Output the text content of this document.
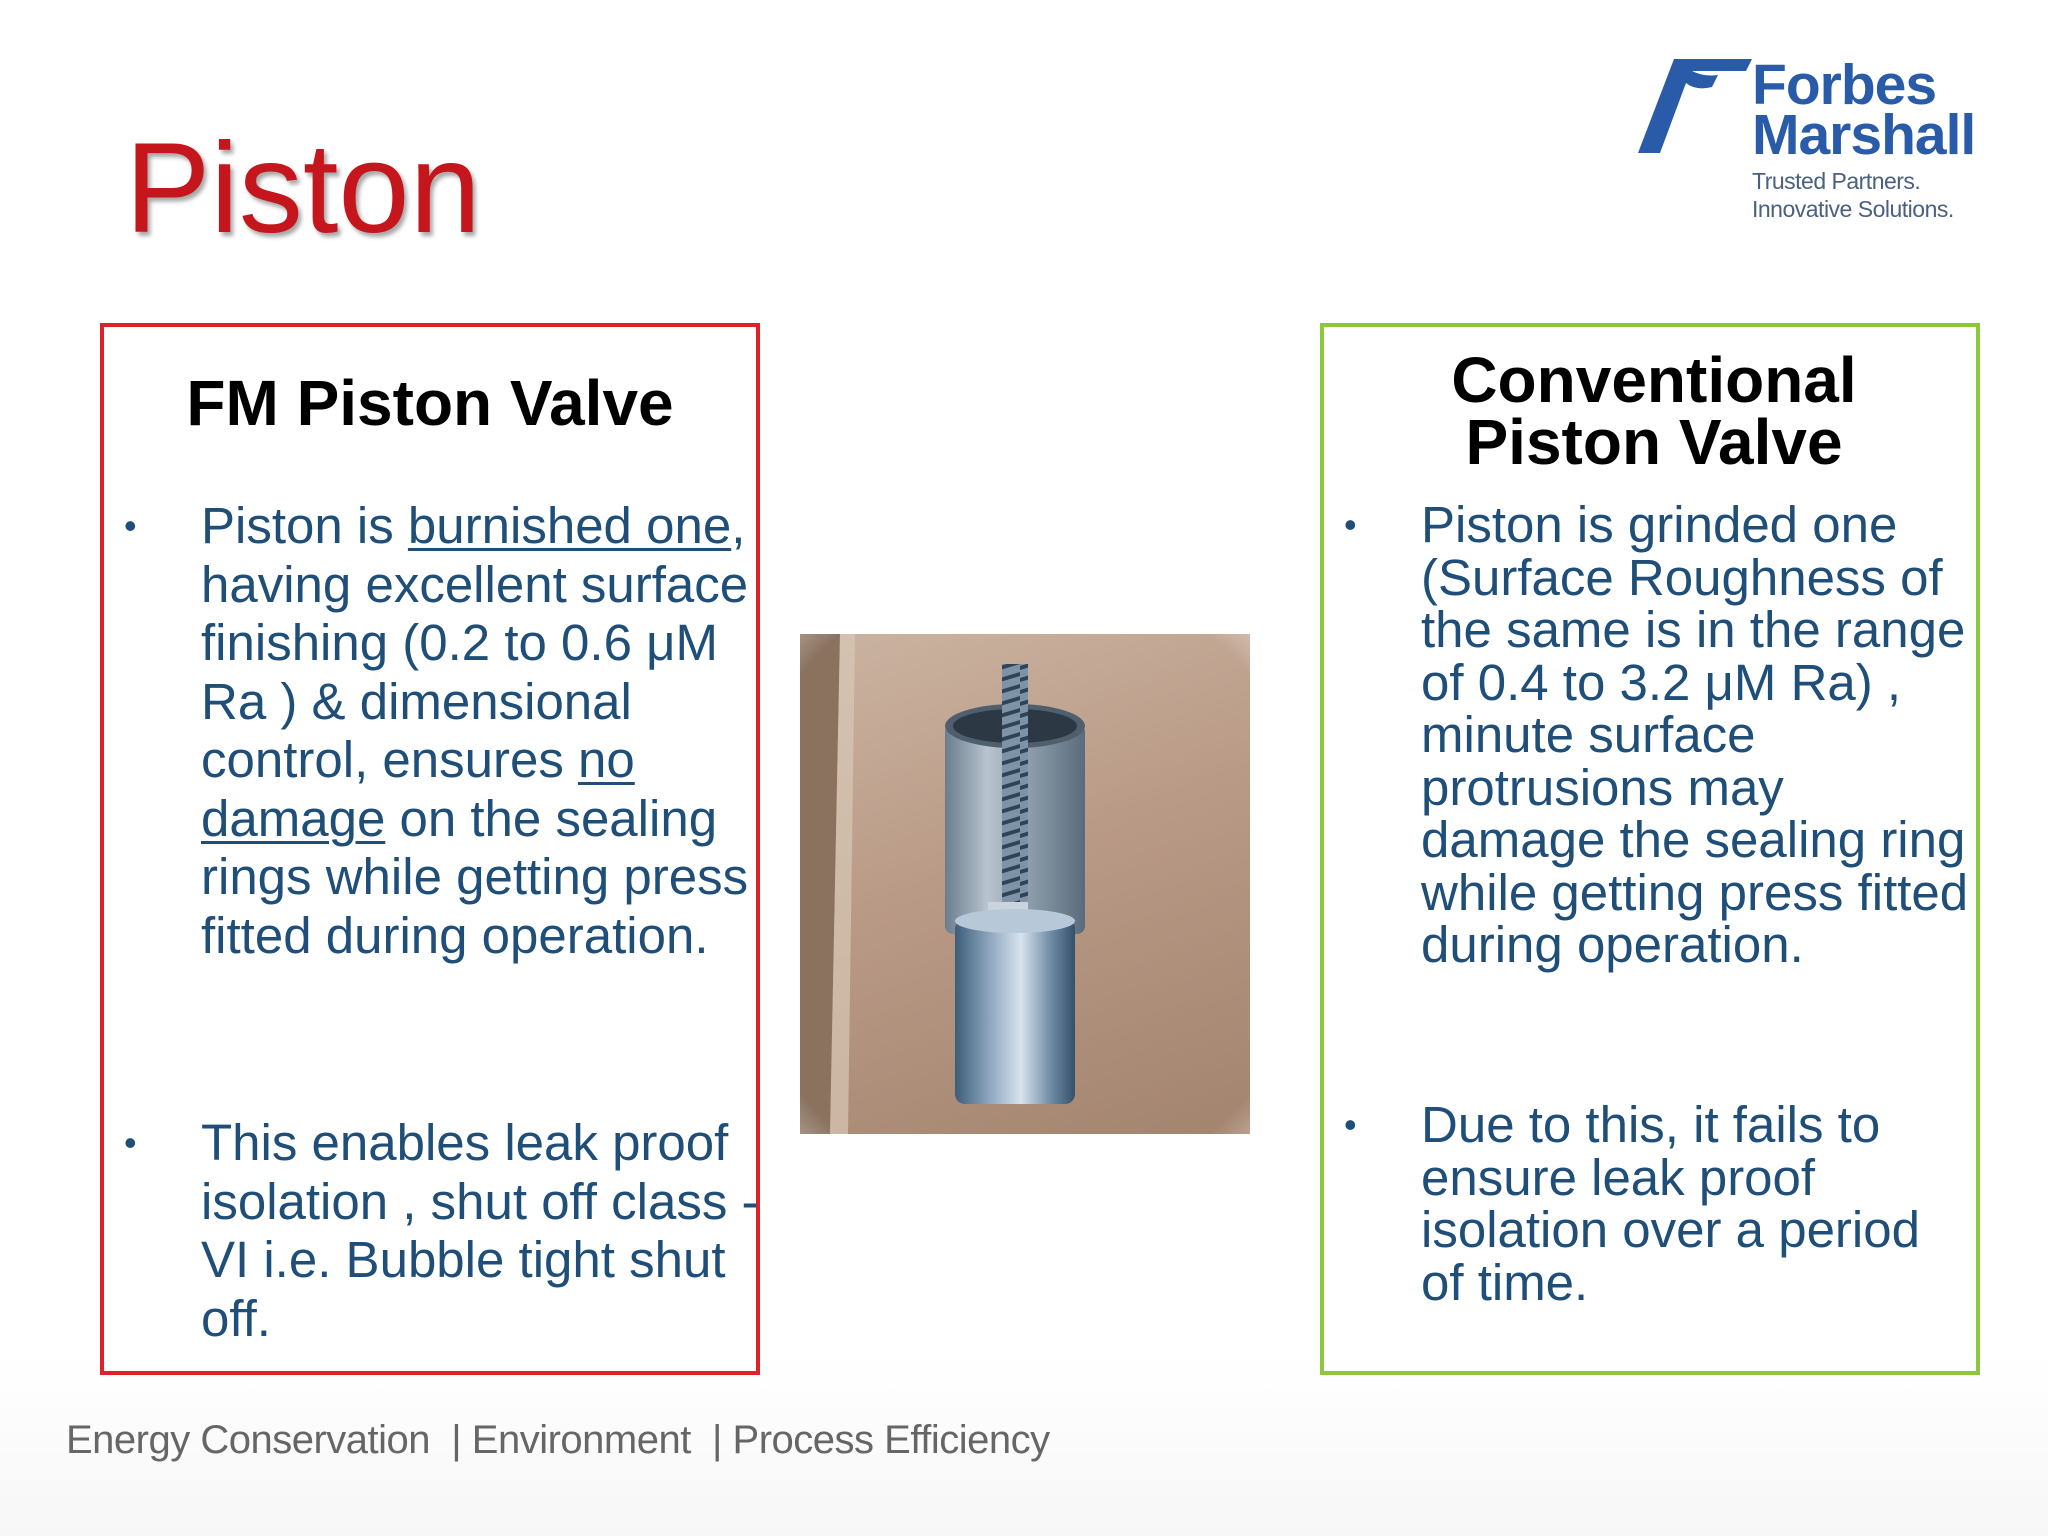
Piston
Forbes
Marshall
Trusted Partners.
Innovative Solutions.
FM Piston Valve
• Piston is burnished one, having excellent surface finishing (0.2 to 0.6 μM Ra ) & dimensional control, ensures no damage on the sealing rings while getting press fitted during operation.
• This enables leak proof isolation , shut off class - VI i.e. Bubble tight shut off.
Conventional Piston Valve
• Piston is grinded one (Surface Roughness of the same is in the range of 0.4 to 3.2 μM Ra) , minute surface protrusions may damage the sealing ring while getting press fitted during operation.
• Due to this, it fails to ensure leak proof isolation over a period of time.
Energy Conservation  | Environment  | Process Efficiency
